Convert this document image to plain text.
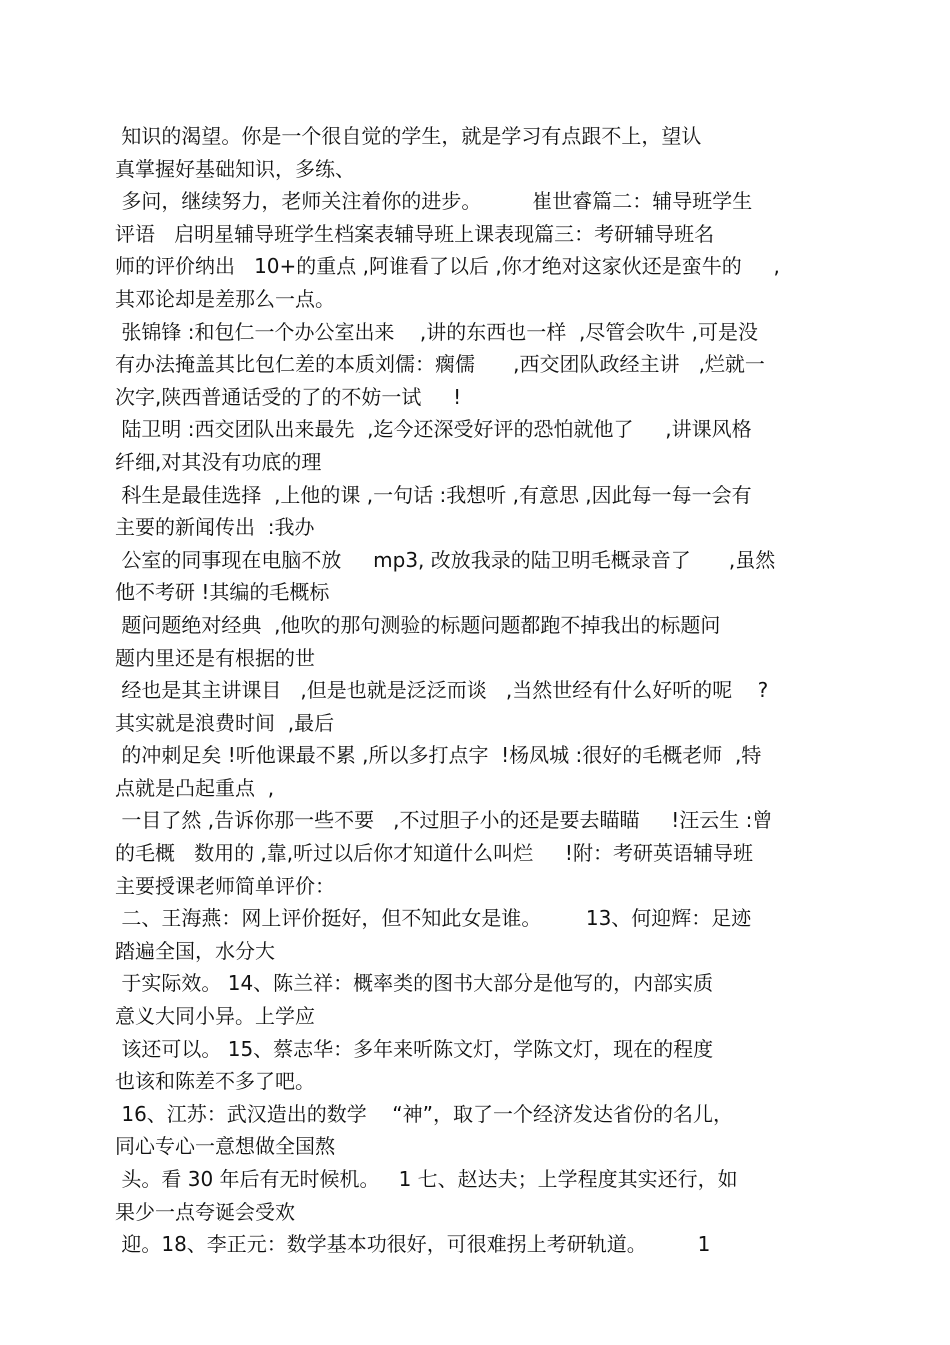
知识的渴望。你是一个很自觉的学生，就是学习有点跟不上，望认
真掌握好基础知识，多练、
多问，继续努力，老师关注着你的进步。        崔世睿篇二：辅导班学生
评语   启明星辅导班学生档案表辅导班上课表现篇三：考研辅导班名
师的评价纳出   10+的重点 ,阿谁看了以后 ,你才绝对这家伙还是蛮牛的     ,
其邓论却是差那么一点。
张锦锋 :和包仁一个办公室出来    ,讲的东西也一样  ,尽管会吹牛 ,可是没
有办法掩盖其比包仁差的本质刘儒：瘸儒      ,西交团队政经主讲   ,烂就一
次字,陕西普通话受的了的不妨一试     !
陆卫明 :西交团队出来最先  ,迄今还深受好评的恐怕就他了     ,讲课风格
纤细,对其没有功底的理
科生是最佳选择  ,上他的课 ,一句话 :我想听 ,有意思 ,因此每一每一会有
主要的新闻传出  :我办
公室的同事现在电脑不放     mp3, 改放我录的陆卫明毛概录音了      ,虽然
他不考研 !其编的毛概标
题问题绝对经典  ,他吹的那句测验的标题问题都跑不掉我出的标题问
题内里还是有根据的世
经也是其主讲课目   ,但是也就是泛泛而谈   ,当然世经有什么好听的呢    ?
其实就是浪费时间  ,最后
的冲刺足矣 !听他课最不累 ,所以多打点字  !杨凤城 :很好的毛概老师  ,特
点就是凸起重点  ,
一目了然 ,告诉你那一些不要   ,不过胆子小的还是要去瞄瞄     !汪云生 :曾
的毛概   数用的 ,靠,听过以后你才知道什么叫烂     !附：考研英语辅导班
主要授课老师简单评价：
二、王海燕：网上评价挺好，但不知此女是谁。       13、何迎辉：足迹
踏遍全国，水分大
于实际效。 14、陈兰祥：概率类的图书大部分是他写的，内部实质
意义大同小异。上学应
该还可以。 15、蔡志华：多年来听陈文灯，学陈文灯，现在的程度
也该和陈差不多了吧。
16、江苏：武汉造出的数学    “神”，取了一个经济发达省份的名儿，
同心专心一意想做全国熬
头。看 30 年后有无时候机。   1 七、赵达夫；上学程度其实还行，如
果少一点夸诞会受欢
迎。18、李正元：数学基本功很好，可很难拐上考研轨道。        1
